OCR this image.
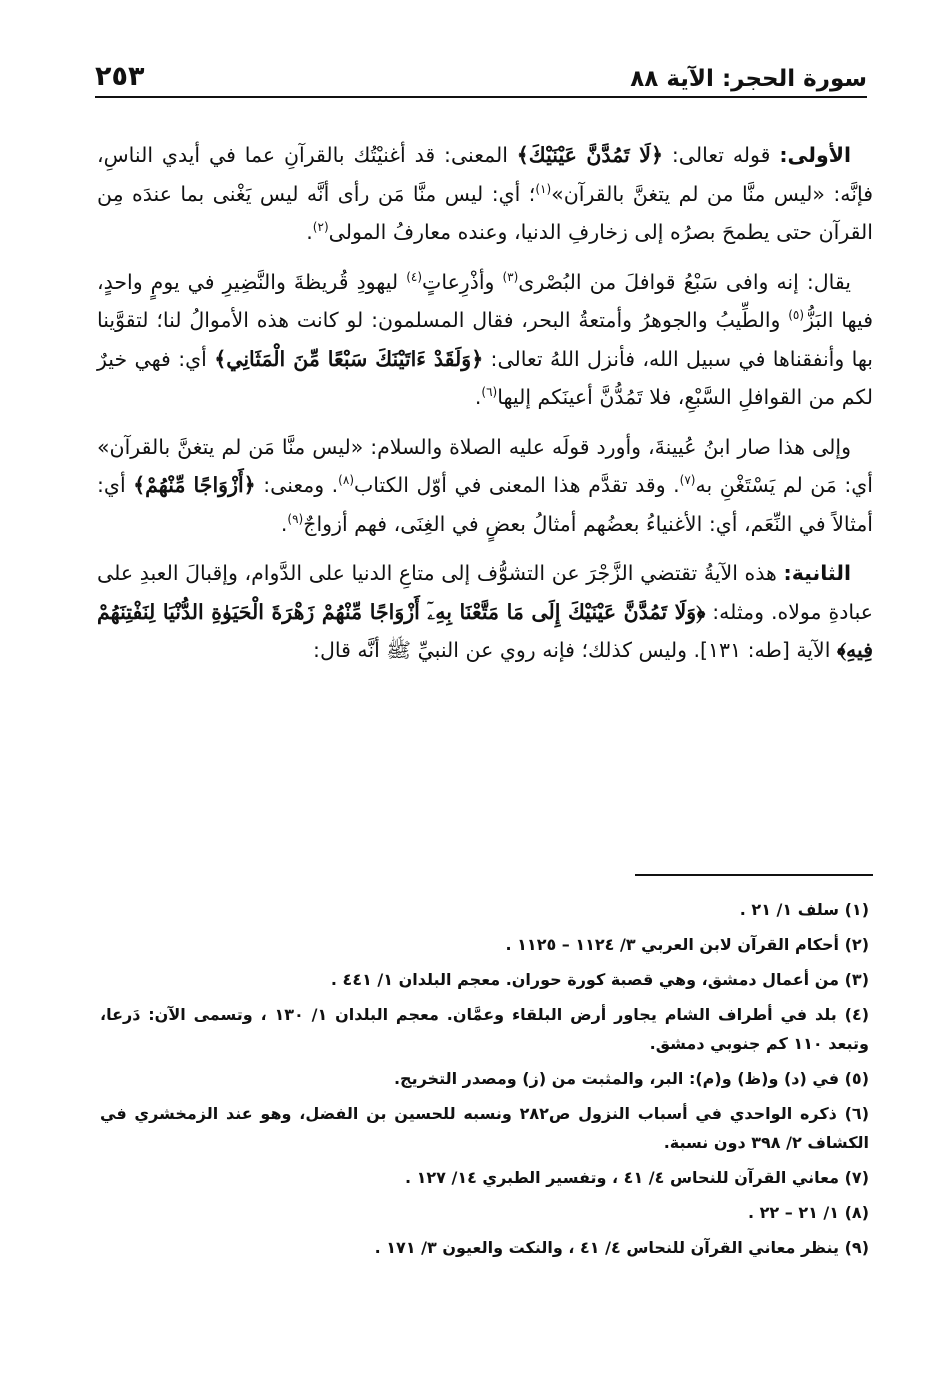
سورة الحجر: الآية ٨٨
٢٥٣

الأولى: قوله تعالى: ﴿لَا تَمُدَّنَّ عَيْنَيْكَ﴾ المعنى: قد أغنيْتُك بالقرآنِ عما في أيدي الناسِ، فإنَّه: «ليس منَّا من لم يتغنَّ بالقرآن»$^{(١)}$؛ أي: ليس منَّا مَن رأى أنَّه ليس يَغْنى بما عندَه مِن القرآن حتى يطمحَ بصرُه إلى زخارفِ الدنيا، وعنده معارفُ المولى$^{(٢)}$.

يقال: إنه وافى سَبْعُ قوافلَ من البُصْرى$^{(٣)}$ وأذْرِعاتٍ$^{(٤)}$ ليهودِ قُريظةَ والنَّضِيرِ في يومٍ واحدٍ، فيها البَزُّ$^{(٥)}$ والطِّيبُ والجوهرُ وأمتعةُ البحر، فقال المسلمون: لو كانت هذه الأموالُ لنا؛ لتقوَّينا بها وأنفقناها في سبيل الله، فأنزل اللهُ تعالى: ﴿وَلَقَدْ ءَاتَيْنَكَ سَبْعًا مِّنَ الْمَثَانِي﴾ أي: فهي خيرٌ لكم من القوافلِ السَّبْعِ، فلا تَمُدُّنَّ أعينَكم إليها$^{(٦)}$.

وإلى هذا صار ابنُ عُيينةَ، وأورد قولَه عليه الصلاة والسلام: «ليس منَّا مَن لم يتغنَّ بالقرآن» أي: مَن لم يَسْتَغْنِ به$^{(٧)}$. وقد تقدَّم هذا المعنى في أوّل الكتاب$^{(٨)}$. ومعنى: ﴿أَزْوَاجًا مِّنْهُمْ﴾ أي: أمثالاً في النِّعَم، أي: الأغنياءُ بعضُهم أمثالُ بعضٍ في الغِنَى، فهم أزواجٌ$^{(٩)}$.

الثانية: هذه الآيةُ تقتضي الزَّجْرَ عن التشوُّف إلى متاعِ الدنيا على الدَّوام، وإقبالَ العبدِ على عبادةِ مولاه. ومثله: ﴿وَلَا تَمُدَّنَّ عَيْنَيْكَ إِلَى مَا مَتَّعْنَا بِهِۦٓ أَزْوَاجًا مِّنْهُمْ زَهْرَةَ الْحَيَوٰةِ الدُّنْيَا لِنَفْتِنَهُمْ فِيهِ﴾ الآية [طه: ١٣١]. وليس كذلك؛ فإنه روي عن النبيِّ ﷺ أنَّه قال:

(١) سلف ١/ ٢١ .

(٢) أحكام القرآن لابن العربي ٣/ ١١٢٤ – ١١٢٥ .

(٣) من أعمال دمشق، وهي قصبة كورة حوران. معجم البلدان ١/ ٤٤١ .

(٤) بلد في أطراف الشام يجاور أرض البلقاء وعمَّان. معجم البلدان ١/ ١٣٠ ، وتسمى الآن: دَرعا، وتبعد ١١٠ كم جنوبي دمشق.

(٥) في (د) و(ظ) و(م): البر، والمثبت من (ز) ومصدر التخريج.

(٦) ذكره الواحدي في أسباب النزول ص٢٨٢ ونسبه للحسين بن الفضل، وهو عند الزمخشري في الكشاف ٢/ ٣٩٨ دون نسبة.

(٧) معاني القرآن للنحاس ٤/ ٤١ ، وتفسير الطبري ١٤/ ١٢٧ .

(٨) ١/ ٢١ – ٢٢ .

(٩) ينظر معاني القرآن للنحاس ٤/ ٤١ ، والنكت والعيون ٣/ ١٧١ .
